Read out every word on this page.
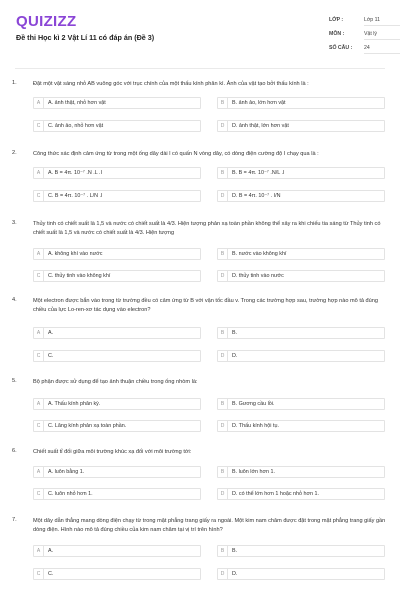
QUIZIZZ
Đề thi Học kì 2 Vật Lí 11 có đáp án (Đề 3)
LỚP :	Lớp 11
MÔN :	Vật lý
SỐ CÂU : 24
1.	Đặt một vật sáng nhỏ AB vuông góc với trục chính của một thấu kính phân kì. Ảnh của vật tạo bởi thấu kính là :
A	A. ảnh thật, nhỏ hơn vật	B	B. ảnh ảo, lớn hơn vật
C	C. ảnh ảo, nhỏ hơn vật	D	D. ảnh thật, lớn hơn vật
2.	Công thức xác định cảm ứng từ trong một ống dây dài l có quấn N vòng dây, có dòng điện cường độ I chạy qua là :
A	A. B = 4π. 10⁻⁷ .N .L .I	B	B. B = 4π. 10⁻⁷ .N/L .I
C	C. B = 4π. 10⁻⁷ . L/N .I	D	D. B = 4π. 10⁻⁷ . I/N
3.	Thủy tinh có chiết suất là 1,5 và nước có chiết suất là 4/3. Hiện tượng phản xạ toàn phần không thể xảy ra khi chiếu tia sáng từ Thủy tinh có chiết suất là 1,5 và nước có chiết suất là 4/3. Hiện tượng
A	A. không khí vào nước	B	B. nước vào không khí
C	C. thủy tinh vào không khí	D	D. thủy tinh vào nước
4.	Một electron được bắn vào trong từ trường đều có cảm ứng từ B với vận tốc đầu v. Trong các trường hợp sau, trường hợp nào mô tả đúng chiều của lực Lo-ren-xơ tác dụng vào electron?
A	A.	B	B.
C	C.	D	D.
5.	Bộ phận được sử dụng để tạo ảnh thuận chiều trong ống nhòm là:
A	A. Thấu kính phân kỳ.	B	B. Gương cầu lồi.
C	C. Lăng kính phản xạ toàn phần.	D	D. Thấu kính hội tụ.
6.	Chiết suất tỉ đối giữa môi trường khúc xạ đối với môi trường tới:
A	A. luôn bằng 1.	B	B. luôn lớn hơn 1.
C	C. luôn nhỏ hơn 1.	D	D. có thể lớn hơn 1 hoặc nhỏ hơn 1.
7.	Một dây dẫn thẳng mang dòng điện chạy từ trong mặt phẳng trang giấy ra ngoài. Một kim nam châm được đặt trong mặt phẳng trang giấy gần dòng điện. Hình nào mô tả đúng chiều của kim nam châm tại vị trí trên hình?
A	A.	B	B.
C	C.	D	D.
